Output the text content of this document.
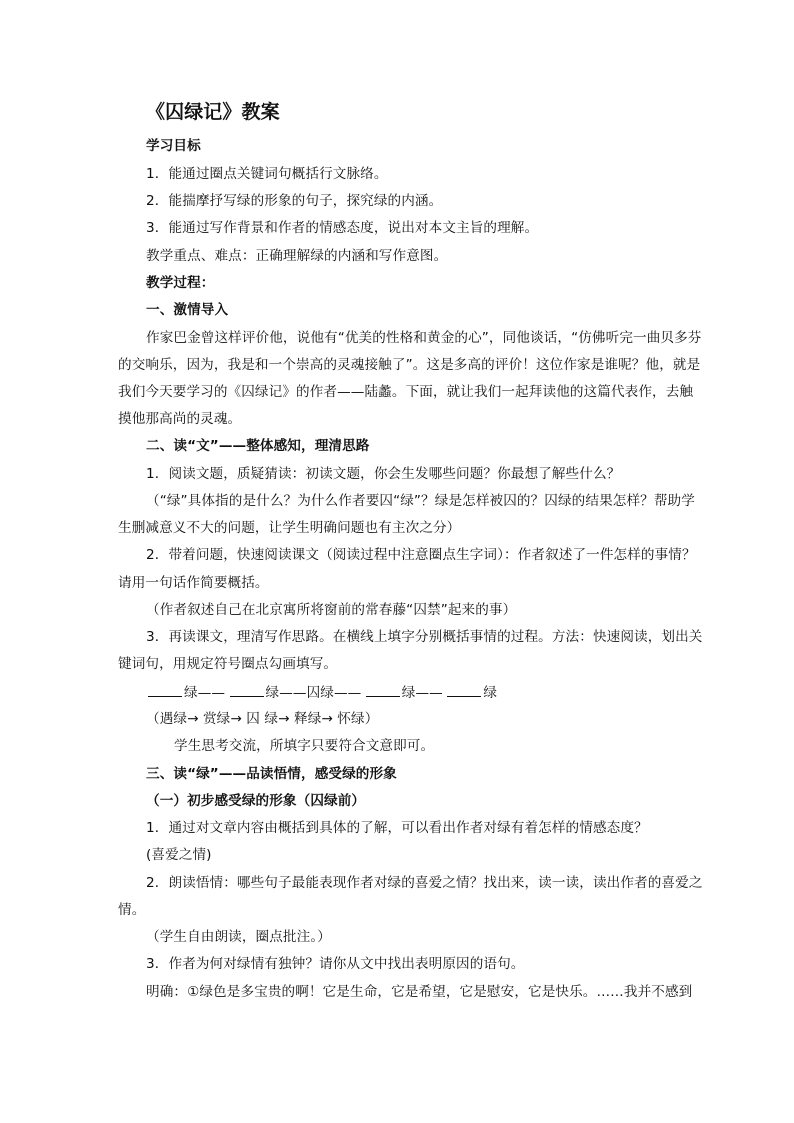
《囚绿记》教案
学习目标
1．能通过圈点关键词句概括行文脉络。
2．能揣摩抒写绿的形象的句子，探究绿的内涵。
3．能通过写作背景和作者的情感态度，说出对本文主旨的理解。
教学重点、难点：正确理解绿的内涵和写作意图。
教学过程：
一、激情导入
作家巴金曾这样评价他，说他有“优美的性格和黄金的心”，同他谈话，“仿佛听完一曲贝多芬
的交响乐，因为，我是和一个崇高的灵魂接触了”。这是多高的评价！这位作家是谁呢？他，就是
我们今天要学习的《囚绿记》的作者——陆蠡。下面，就让我们一起拜读他的这篇代表作，去触
摸他那高尚的灵魂。
二、读“文”——整体感知，理清思路
1．阅读文题，质疑猜读：初读文题，你会生发哪些问题？你最想了解些什么？
（“绿”具体指的是什么？为什么作者要囚“绿”？绿是怎样被囚的？囚绿的结果怎样？帮助学
生删减意义不大的问题，让学生明确问题也有主次之分）
2．带着问题，快速阅读课文（阅读过程中注意圈点生字词）：作者叙述了一件怎样的事情？
请用一句话作简要概括。
（作者叙述自己在北京寓所将窗前的常春藤“囚禁”起来的事）
3．再读课文，理清写作思路。在横线上填字分别概括事情的过程。方法：快速阅读，划出关
键词句，用规定符号圈点勾画填写。
绿——	绿——囚绿——	绿——	绿
（遇绿→ 赏绿→ 囚 绿→ 释绿→ 怀绿）
学生思考交流，所填字只要符合文意即可。
三、读“绿”——品读悟情，感受绿的形象
（一）初步感受绿的形象（囚绿前）
1．通过对文章内容由概括到具体的了解，可以看出作者对绿有着怎样的情感态度？
(喜爱之情)
2．朗读悟情：哪些句子最能表现作者对绿的喜爱之情？找出来，读一读，读出作者的喜爱之
情。
（学生自由朗读，圈点批注。）
3．作者为何对绿情有独钟？请你从文中找出表明原因的语句。
明确：①绿色是多宝贵的啊！它是生命，它是希望，它是慰安，它是快乐。……我并不感到
